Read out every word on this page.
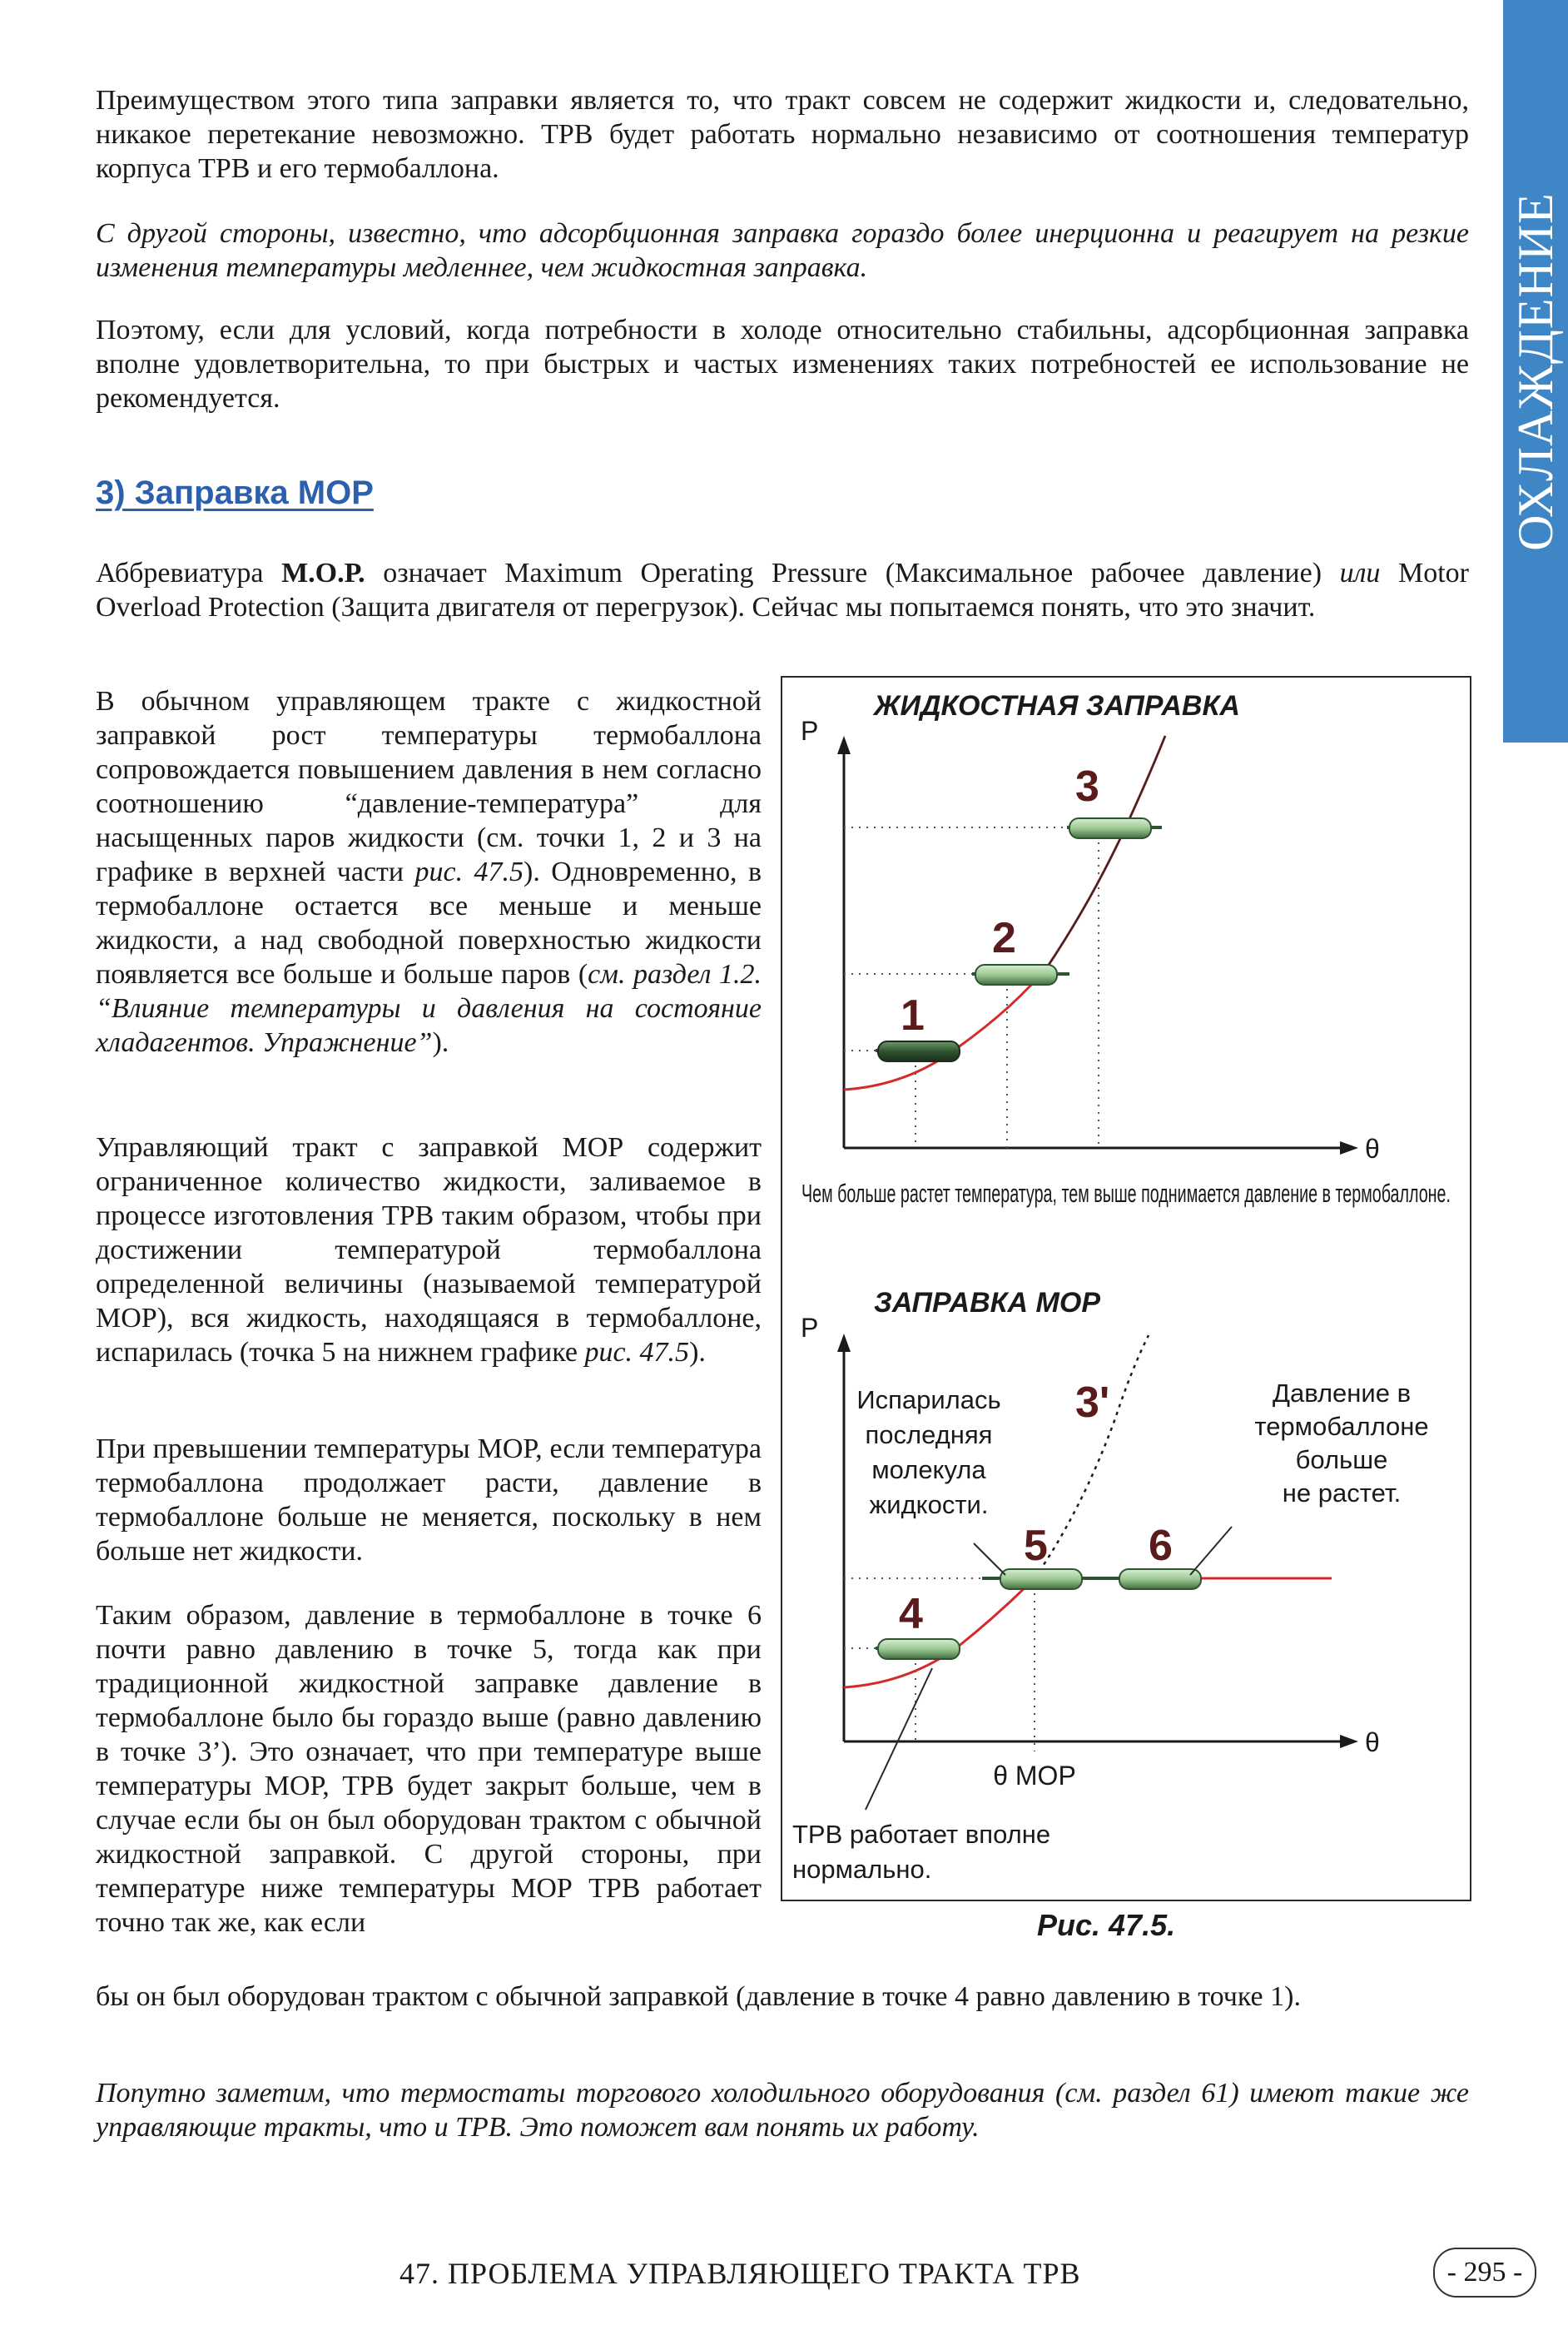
ОХЛАЖДЕНИЕ

Преимуществом этого типа заправки является то, что тракт совсем не содержит жидкости и, следовательно, никакое перетекание невозможно. ТРВ будет работать нормально независимо от соотношения температур корпуса ТРВ и его термобаллона.

С другой стороны, известно, что адсорбционная заправка гораздо более инерционна и реагирует на резкие изменения температуры медленнее, чем жидкостная заправка.

Поэтому, если для условий, когда потребности в холоде относительно стабильны, адсорбционная заправка вполне удовлетворительна, то при быстрых и частых изменениях таких потребностей ее использование не рекомендуется.

3) Заправка МОР

Аббревиатура М.О.Р. означает Maximum Operating Pressure (Максимальное рабочее давление) или Motor Overload Protection (Защита двигателя от перегрузок). Сейчас мы попытаемся понять, что это значит.

В обычном управляющем тракте с жидкостной заправкой рост температуры термобаллона сопровождается повышением давления в нем согласно соотношению “давление-температура” для насыщенных паров жидкости (см. точки 1, 2 и 3 на графике в верхней части рис. 47.5). Одновременно, в термобаллоне остается все меньше и меньше жидкости, а над свободной поверхностью жидкости появляется все больше и больше паров (см. раздел 1.2. “Влияние температуры и давления на состояние хладагентов. Упражнение”).

Управляющий тракт с заправкой МОР содержит ограниченное количество жидкости, заливаемое в процессе изготовления ТРВ таким образом, чтобы при достижении температурой термобаллона определенной величины (называемой температурой МОР), вся жидкость, находящаяся в термобаллоне, испарилась (точка 5 на нижнем графике рис. 47.5).

При превышении температуры МОР, если температура термобаллона продолжает расти, давление в термобаллоне больше не меняется, поскольку в нем больше нет жидкости.

Таким образом, давление в термобаллоне в точке 6 почти равно давлению в точке 5, тогда как при традиционной жидкостной заправке давление в термобаллоне было бы гораздо выше (равно давлению в точке 3’). Это означает, что при температуре выше температуры МОР, ТРВ будет закрыт больше, чем в случае если бы он был оборудован трактом с обычной жидкостной заправкой. С другой стороны, при температуре ниже температуры МОР ТРВ работает точно так же, как если

бы он был оборудован трактом с обычной заправкой (давление в точке 4 равно давлению в точке 1).

Попутно заметим, что термостаты торгового холодильного оборудования (см. раздел 61) имеют такие же управляющие тракты, что и ТРВ. Это поможет вам понять их работу.

ЖИДКОСТНАЯ ЗАПРАВКА
P
θ
1
2
3
Чем больше растет температура, тем выше поднимается давление в термобаллоне.
ЗАПРАВКА МОР
P
θ
θ МОР
4
5 6
3'
Испарилась
последняя
молекула
жидкости.
Давление в
термобаллоне
больше
не растет.
ТРВ работает вполне
нормально.

Рис. 47.5.

47. ПРОБЛЕМА УПРАВЛЯЮЩЕГО ТРАКТА ТРВ	- 295 -
